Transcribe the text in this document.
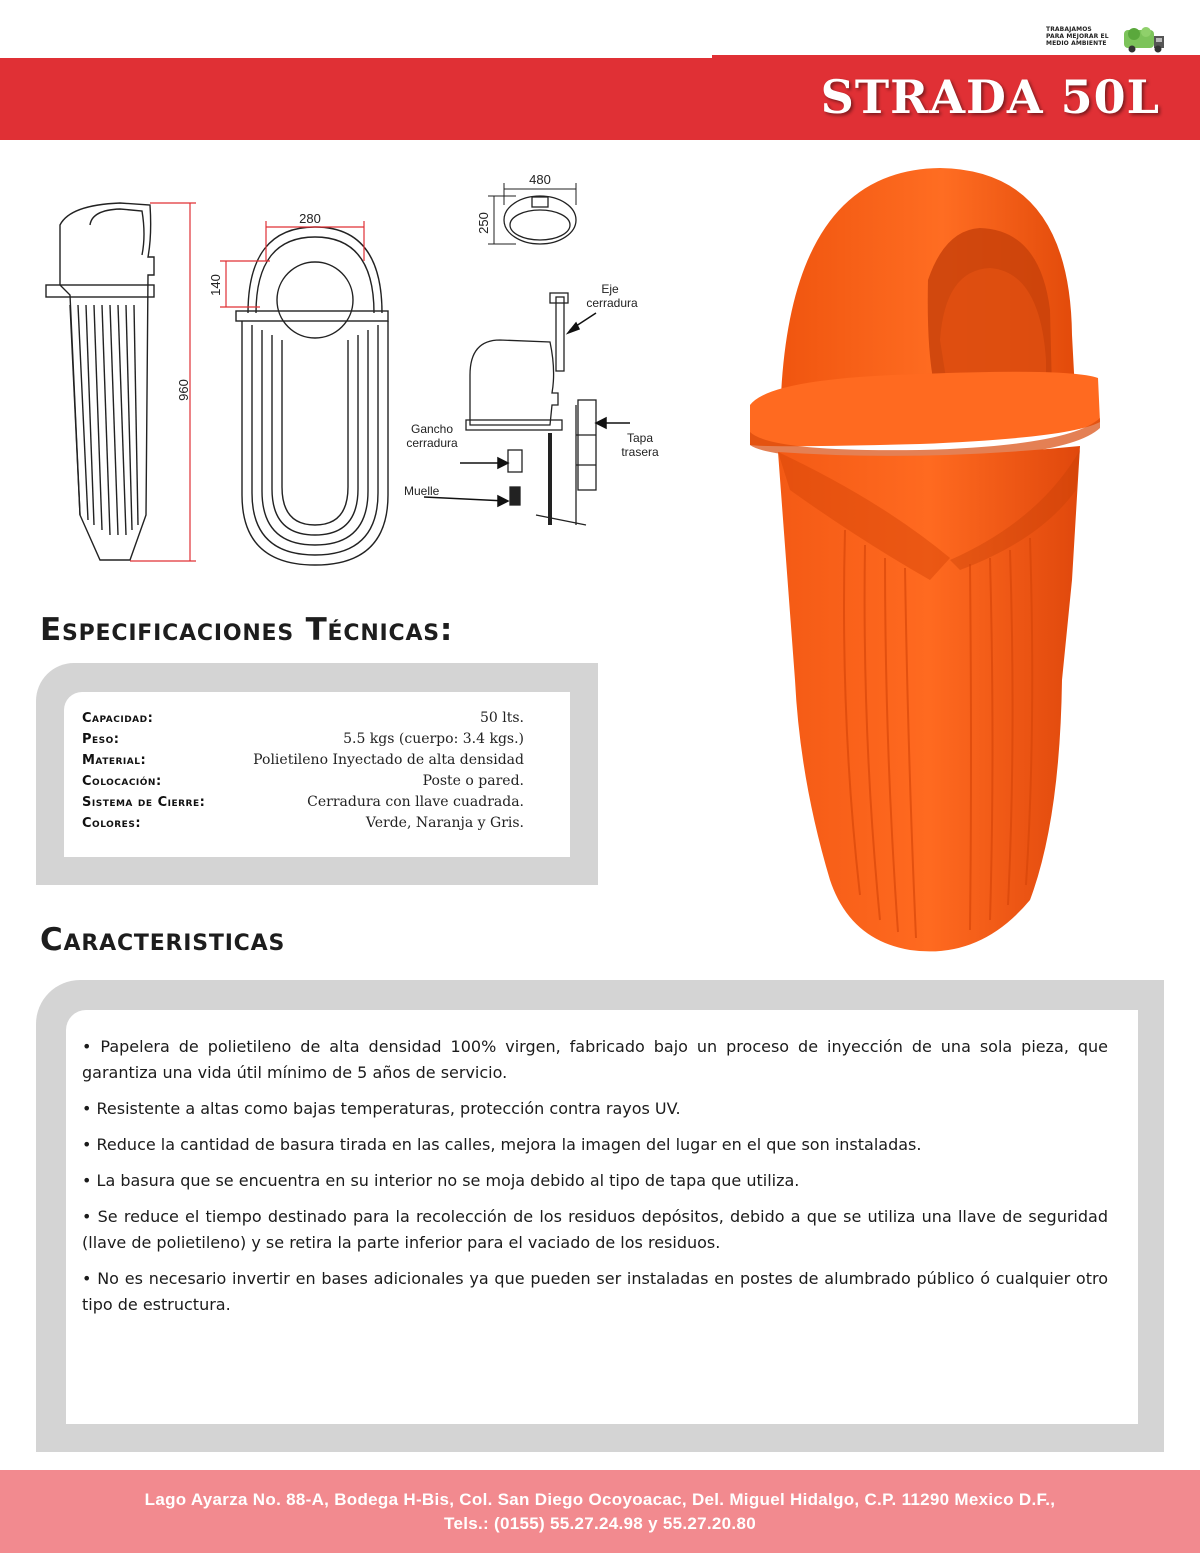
TRABAJAMOS
PARA MEJORAR EL
MEDIO AMBIENTE
STRADA 50L
960
280
140
480
250
Eje
cerradura
Gancho
cerradura	Tapa
trasera
Muelle
Especificaciones Técnicas:
Capacidad:	50 lts.
Peso:	5.5 kgs (cuerpo: 3.4 kgs.)
Material:	Polietileno Inyectado de alta densidad
Colocación:	Poste o pared.
Sistema de Cierre:	Cerradura con llave cuadrada.
Colores:	Verde, Naranja y Gris.
Caracteristicas
• Papelera de polietileno de alta densidad 100% virgen, fabricado bajo un proceso de inyección de una sola pieza, que garantiza una vida útil mínimo de 5 años de servicio.
• Resistente a altas como bajas temperaturas, protección contra rayos UV.
• Reduce la cantidad de basura tirada en las calles, mejora la imagen del lugar en el que son instaladas.
• La basura que se encuentra en su interior no se moja debido al tipo de tapa que utiliza.
• Se reduce el tiempo destinado para la recolección de los residuos depósitos, debido a que se utiliza una llave de seguridad (llave de polietileno) y se retira la parte inferior para el vaciado de los residuos.
• No es necesario invertir en bases adicionales ya que pueden ser instaladas en postes de alumbrado público ó cualquier otro tipo de estructura.
Lago Ayarza No. 88-A, Bodega H-Bis, Col. San Diego Ocoyoacac, Del. Miguel Hidalgo, C.P. 11290 Mexico D.F.,
Tels.: (0155) 55.27.24.98 y 55.27.20.80
